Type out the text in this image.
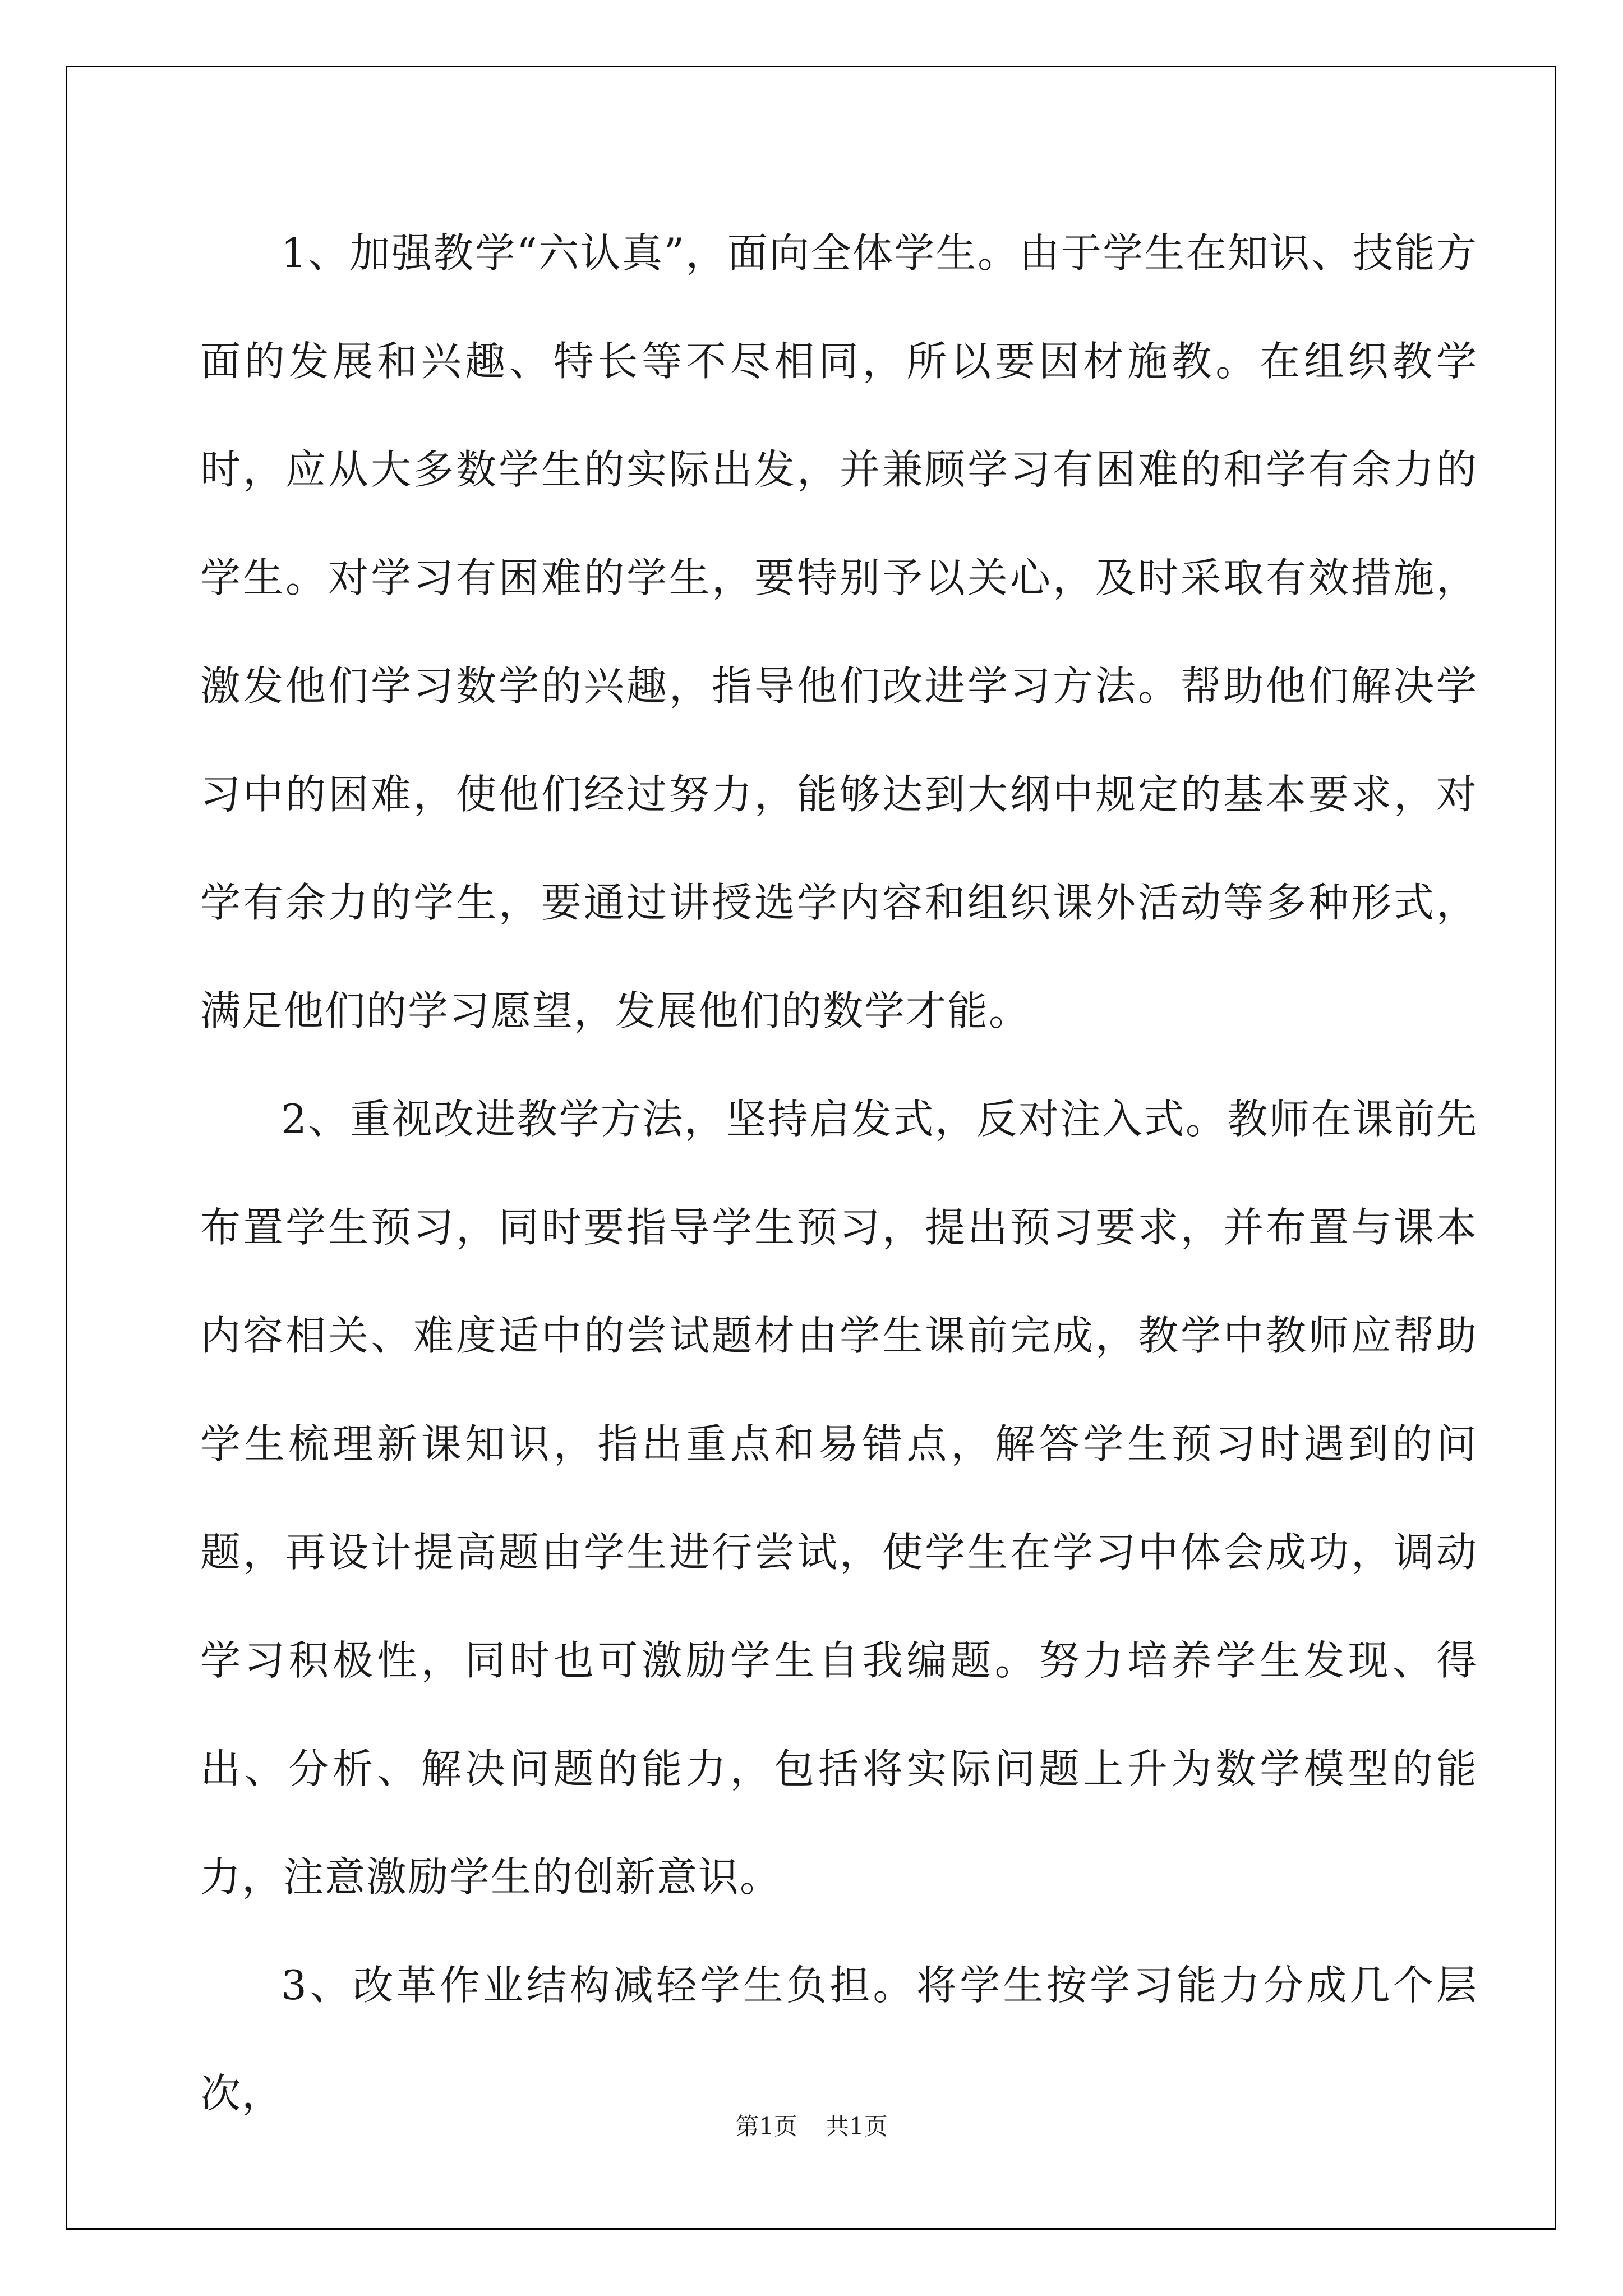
1、加强教学“六认真”，面向全体学生。由于学生在知识、技能方面的发展和兴趣、特长等不尽相同，所以要因材施教。在组织教学时，应从大多数学生的实际出发，并兼顾学习有困难的和学有余力的学生。对学习有困难的学生，要特别予以关心，及时采取有效措施，激发他们学习数学的兴趣，指导他们改进学习方法。帮助他们解决学习中的困难，使他们经过努力，能够达到大纲中规定的基本要求，对学有余力的学生，要通过讲授选学内容和组织课外活动等多种形式，满足他们的学习愿望，发展他们的数学才能。

2、重视改进教学方法，坚持启发式，反对注入式。教师在课前先布置学生预习，同时要指导学生预习，提出预习要求，并布置与课本内容相关、难度适中的尝试题材由学生课前完成，教学中教师应帮助学生梳理新课知识，指出重点和易错点，解答学生预习时遇到的问题，再设计提高题由学生进行尝试，使学生在学习中体会成功，调动学习积极性，同时也可激励学生自我编题。努力培养学生发现、得出、分析、解决问题的能力，包括将实际问题上升为数学模型的能力，注意激励学生的创新意识。

3、改革作业结构减轻学生负担。将学生按学习能力分成几个层次，

第1页 共1页
